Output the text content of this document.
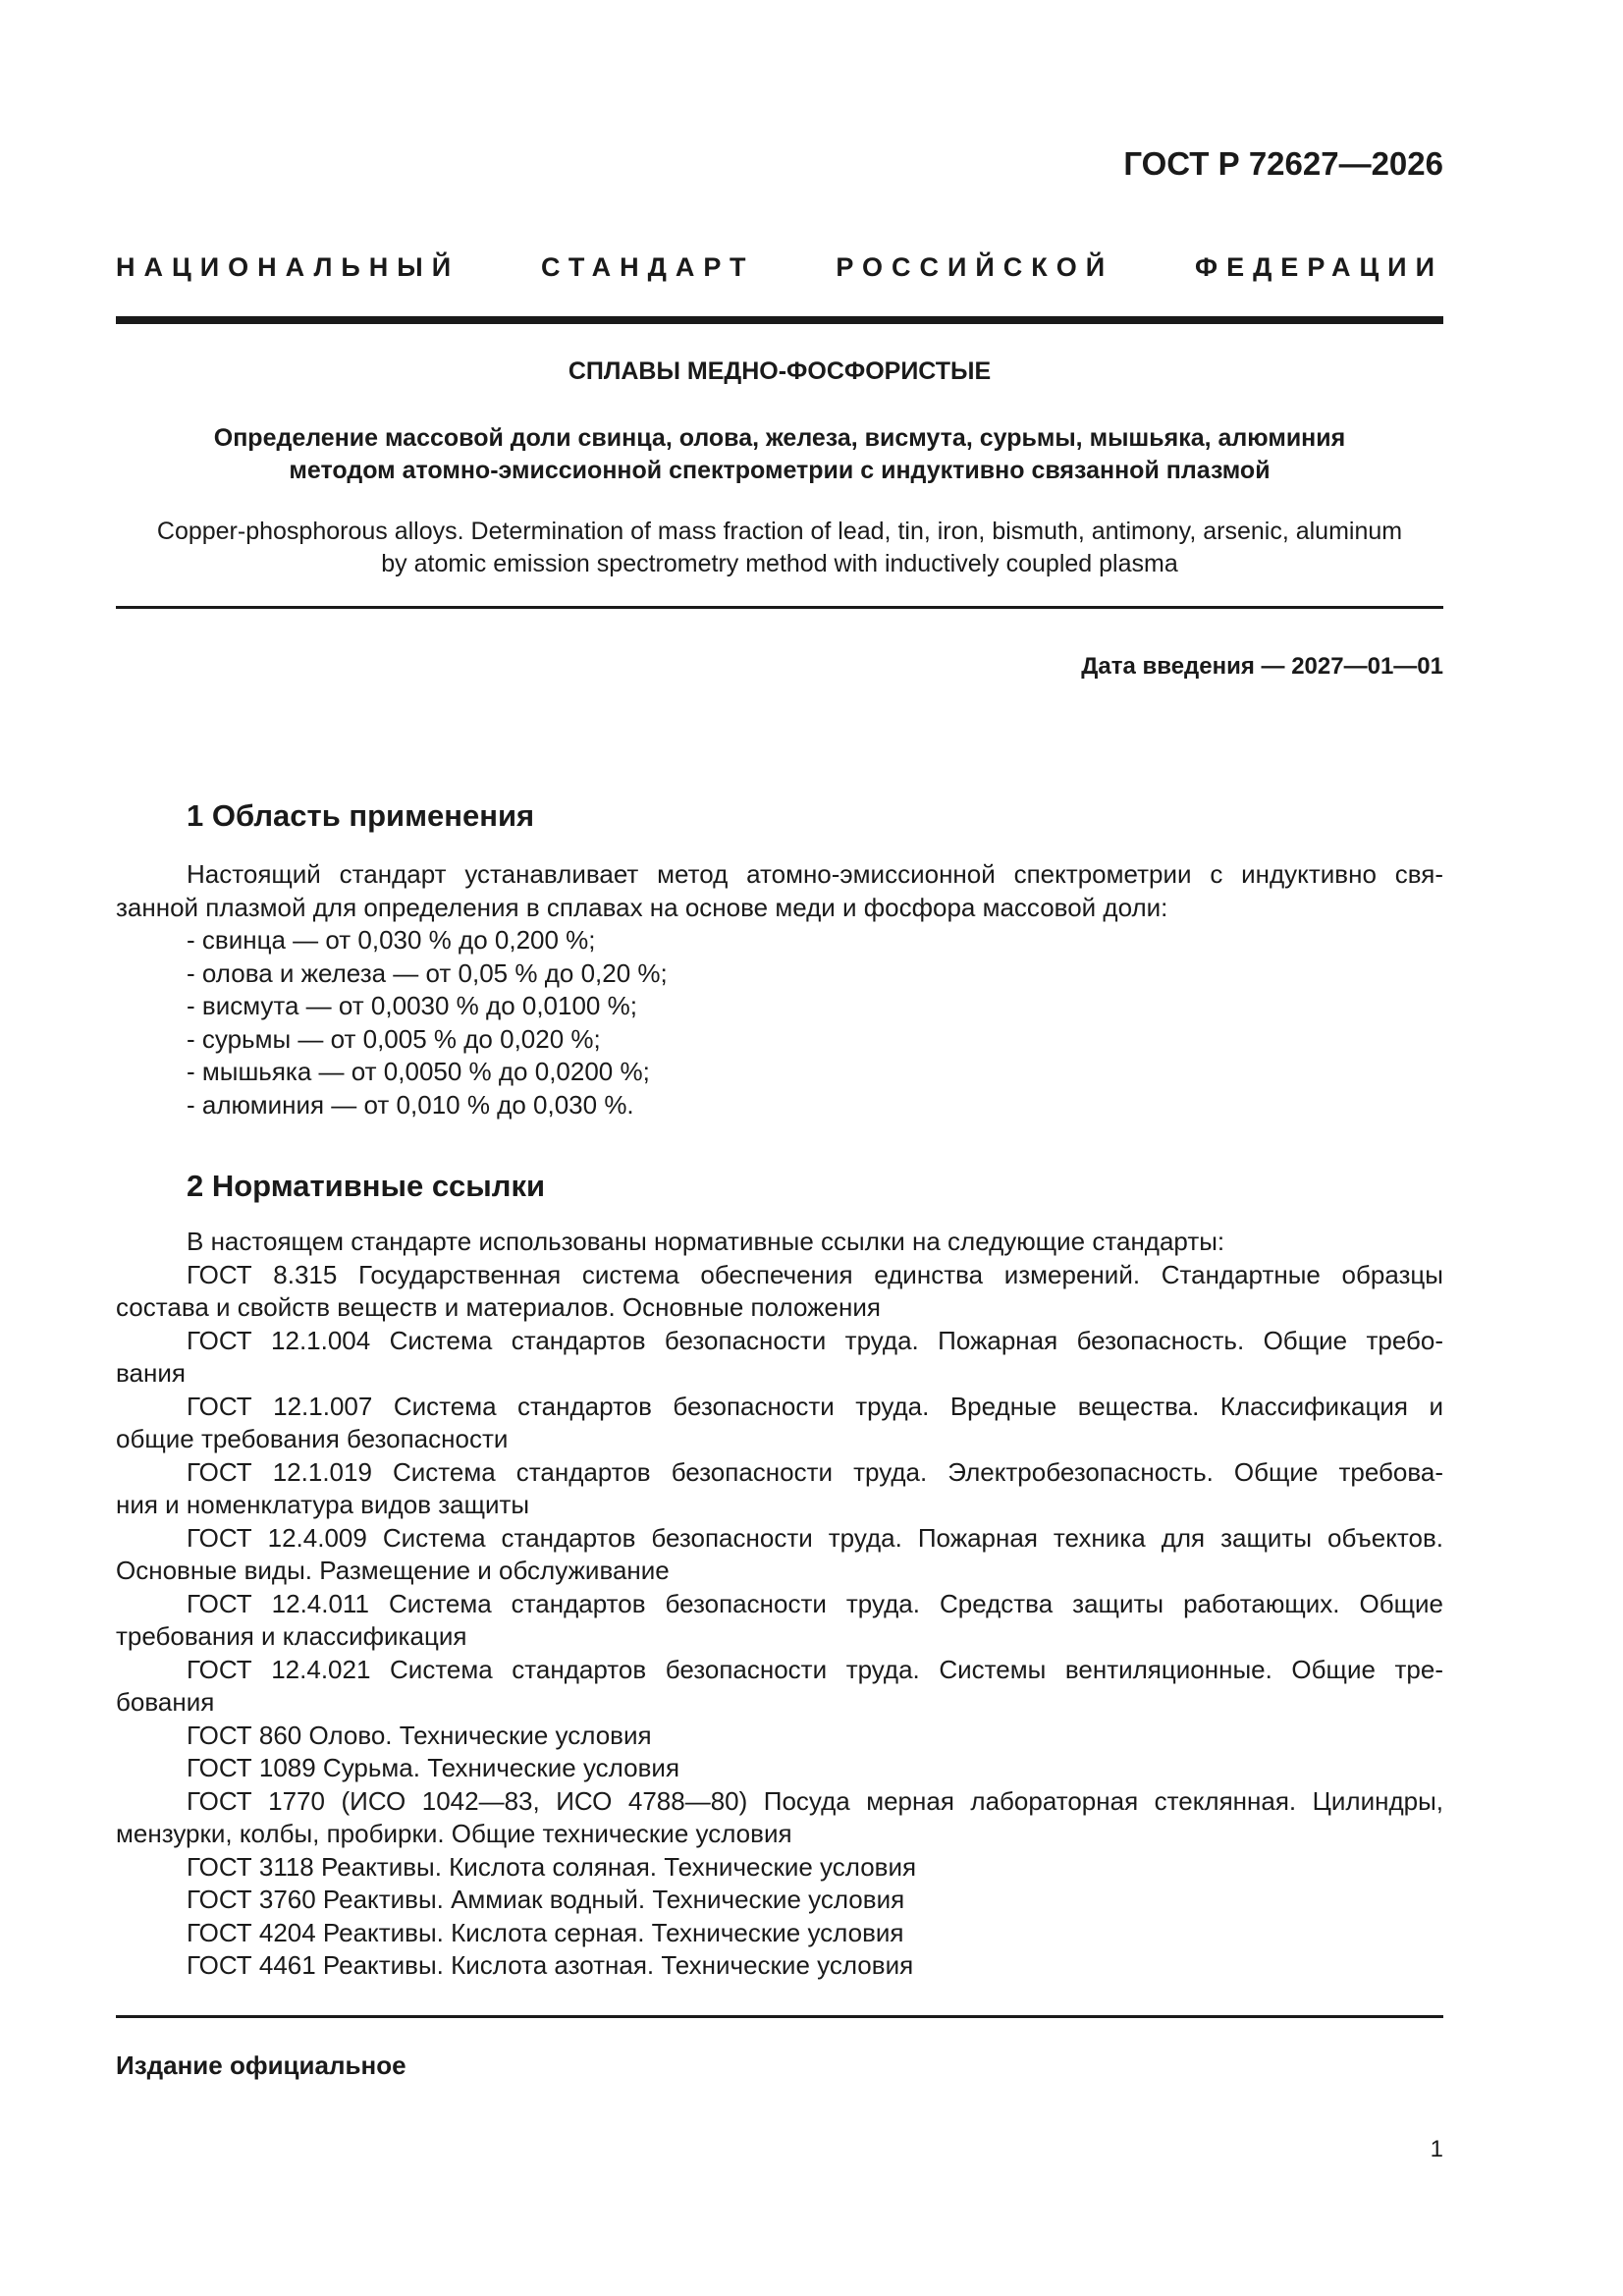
ГОСТ Р 72627—2026
НАЦИОНАЛЬНЫЙ СТАНДАРТ РОССИЙСКОЙ ФЕДЕРАЦИИ
СПЛАВЫ МЕДНО-ФОСФОРИСТЫЕ
Определение массовой доли свинца, олова, железа, висмута, сурьмы, мышьяка, алюминия
методом атомно-эмиссионной спектрометрии с индуктивно связанной плазмой
Copper-phosphorous alloys. Determination of mass fraction of lead, tin, iron, bismuth, antimony, arsenic, aluminum
by atomic emission spectrometry method with inductively coupled plasma
Дата введения — 2027—01—01
1 Область применения
Настоящий стандарт устанавливает метод атомно-эмиссионной спектрометрии с индуктивно свя-
занной плазмой для определения в сплавах на основе меди и фосфора массовой доли:
- свинца — от 0,030 % до 0,200 %;
- олова и железа — от 0,05 % до 0,20 %;
- висмута — от 0,0030 % до 0,0100 %;
- сурьмы — от 0,005 % до 0,020 %;
- мышьяка — от 0,0050 % до 0,0200 %;
- алюминия — от 0,010 % до 0,030 %.
2 Нормативные ссылки
В настоящем стандарте использованы нормативные ссылки на следующие стандарты:
ГОСТ 8.315 Государственная система обеспечения единства измерений. Стандартные образцы
состава и свойств веществ и материалов. Основные положения
ГОСТ 12.1.004 Система стандартов безопасности труда. Пожарная безопасность. Общие требо-
вания
ГОСТ 12.1.007 Система стандартов безопасности труда. Вредные вещества. Классификация и
общие требования безопасности
ГОСТ 12.1.019 Система стандартов безопасности труда. Электробезопасность. Общие требова-
ния и номенклатура видов защиты
ГОСТ 12.4.009 Система стандартов безопасности труда. Пожарная техника для защиты объектов.
Основные виды. Размещение и обслуживание
ГОСТ 12.4.011 Система стандартов безопасности труда. Средства защиты работающих. Общие
требования и классификация
ГОСТ 12.4.021 Система стандартов безопасности труда. Системы вентиляционные. Общие тре-
бования
ГОСТ 860 Олово. Технические условия
ГОСТ 1089 Сурьма. Технические условия
ГОСТ 1770 (ИСО 1042—83, ИСО 4788—80) Посуда мерная лабораторная стеклянная. Цилиндры,
мензурки, колбы, пробирки. Общие технические условия
ГОСТ 3118 Реактивы. Кислота соляная. Технические условия
ГОСТ 3760 Реактивы. Аммиак водный. Технические условия
ГОСТ 4204 Реактивы. Кислота серная. Технические условия
ГОСТ 4461 Реактивы. Кислота азотная. Технические условия
Издание официальное
1
